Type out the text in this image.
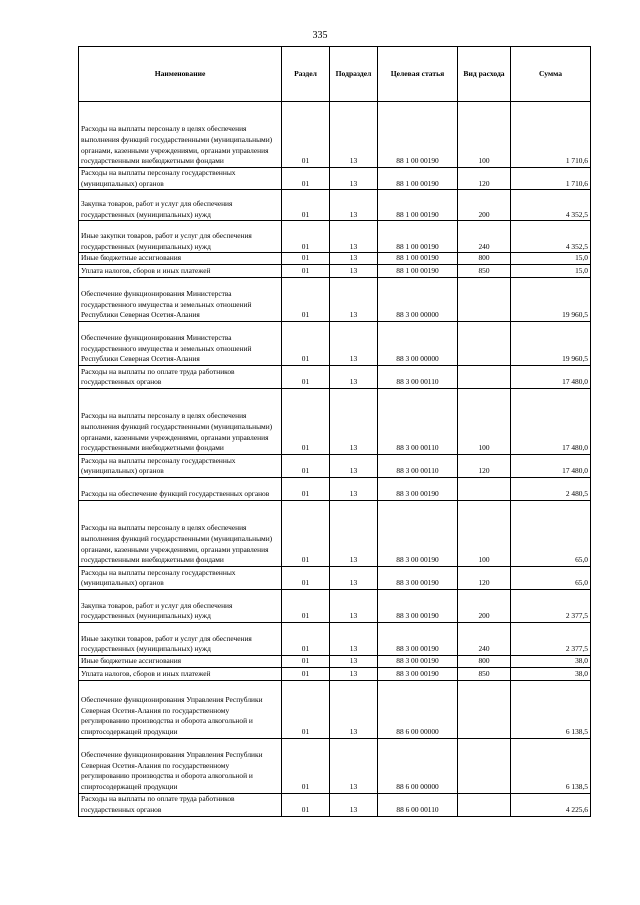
335
Наименование	Раздел	Подраздел	Целевая статья	Вид расхода	Сумма
Расходы на выплаты персоналу в целях обеспечения выполнения функций государственными (муниципальными) органами, казенными учреждениями, органами управления государственными внебюджетными фондами	01	13	88 1 00 00190	100	1 710,6
Расходы на выплаты персоналу государственных (муниципальных) органов	01	13	88 1 00 00190	120	1 710,6
Закупка товаров, работ и услуг для обеспечения государственных (муниципальных) нужд	01	13	88 1 00 00190	200	4 352,5
Иные закупки товаров, работ и услуг для обеспечения государственных (муниципальных) нужд	01	13	88 1 00 00190	240	4 352,5
Иные бюджетные ассигнования	01	13	88 1 00 00190	800	15,0
Уплата налогов, сборов и иных платежей	01	13	88 1 00 00190	850	15,0
Обеспечение функционирования Министерства государственного имущества и земельных отношений Республики Северная Осетия-Алания	01	13	88 3 00 00000		19 960,5
Обеспечение функционирования Министерства государственного имущества и земельных отношений Республики Северная Осетия-Алания	01	13	88 3 00 00000		19 960,5
Расходы на выплаты по оплате труда работников государственных органов	01	13	88 3 00 00110		17 480,0
Расходы на выплаты персоналу в целях обеспечения выполнения функций государственными (муниципальными) органами, казенными учреждениями, органами управления государственными внебюджетными фондами	01	13	88 3 00 00110	100	17 480,0
Расходы на выплаты персоналу государственных (муниципальных) органов	01	13	88 3 00 00110	120	17 480,0
Расходы на обеспечение функций государственных органов	01	13	88 3 00 00190		2 480,5
Расходы на выплаты персоналу в целях обеспечения выполнения функций государственными (муниципальными) органами, казенными учреждениями, органами управления государственными внебюджетными фондами	01	13	88 3 00 00190	100	65,0
Расходы на выплаты персоналу государственных (муниципальных) органов	01	13	88 3 00 00190	120	65,0
Закупка товаров, работ и услуг для обеспечения государственных (муниципальных) нужд	01	13	88 3 00 00190	200	2 377,5
Иные закупки товаров, работ и услуг для обеспечения государственных (муниципальных) нужд	01	13	88 3 00 00190	240	2 377,5
Иные бюджетные ассигнования	01	13	88 3 00 00190	800	38,0
Уплата налогов, сборов и иных платежей	01	13	88 3 00 00190	850	38,0
Обеспечение функционирования Управления Республики Северная Осетия-Алания по государственному регулированию производства и оборота алкогольной и спиртосодержащей продукции	01	13	88 6 00 00000		6 138,5
Обеспечение функционирования Управления Республики Северная Осетия-Алания по государственному регулированию производства и оборота алкогольной и спиртосодержащей продукции	01	13	88 6 00 00000		6 138,5
Расходы на выплаты по оплате труда работников государственных органов	01	13	88 6 00 00110		4 225,6
